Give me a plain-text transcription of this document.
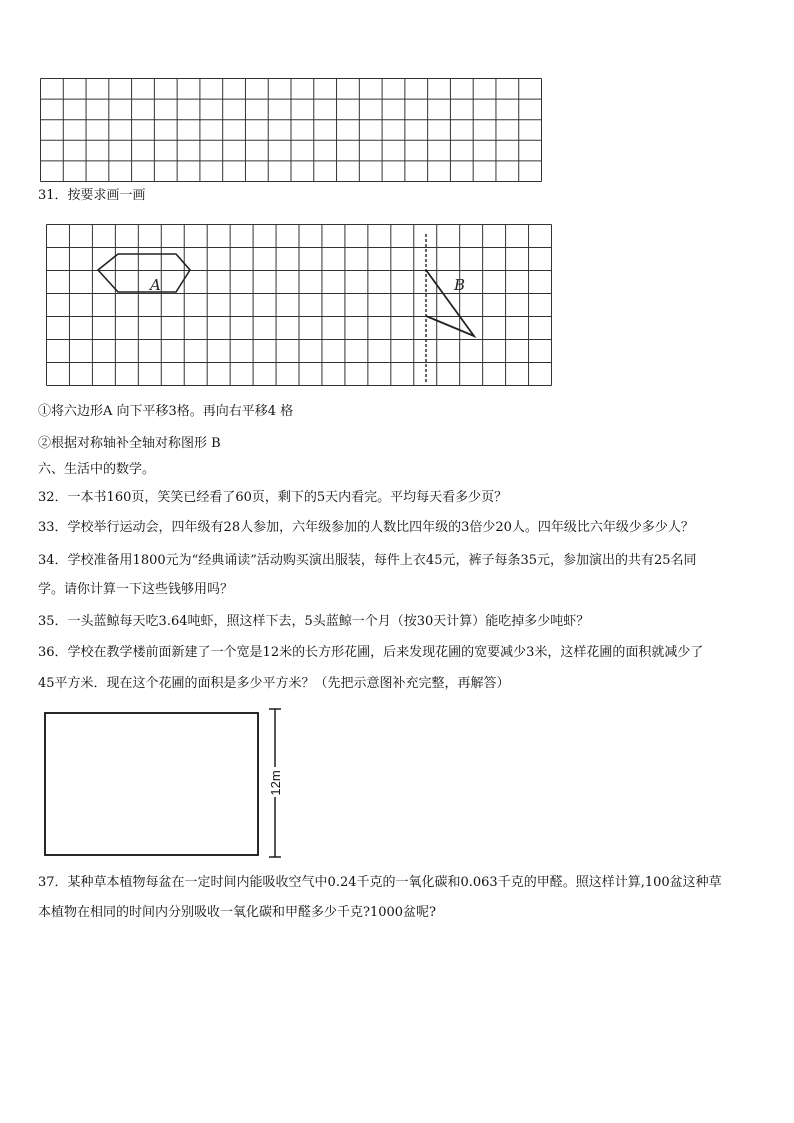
31．按要求画一画
A	B
①将六边形A 向下平移3格。再向右平移4 格
②根据对称轴补全轴对称图形 B
六、生活中的数学。
32．一本书160页，笑笑已经看了60页，剩下的5天内看完。平均每天看多少页？
33．学校举行运动会，四年级有28人参加，六年级参加的人数比四年级的3倍少20人。四年级比六年级少多少人？
34．学校准备用1800元为“经典诵读”活动购买演出服装，每件上衣45元，裤子每条35元，参加演出的共有25名同
学。请你计算一下这些钱够用吗？
35．一头蓝鲸每天吃3.64吨虾，照这样下去，5头蓝鲸一个月（按30天计算）能吃掉多少吨虾？
36．学校在教学楼前面新建了一个宽是12米的长方形花圃，后来发现花圃的宽要减少3米，这样花圃的面积就减少了
45平方米．现在这个花圃的面积是多少平方米？（先把示意图补充完整，再解答）
12m
37．某种草本植物每盆在一定时间内能吸收空气中0.24千克的一氧化碳和0.063千克的甲醛。照这样计算,100盆这种草
本植物在相同的时间内分别吸收一氧化碳和甲醛多少千克?1000盆呢?
